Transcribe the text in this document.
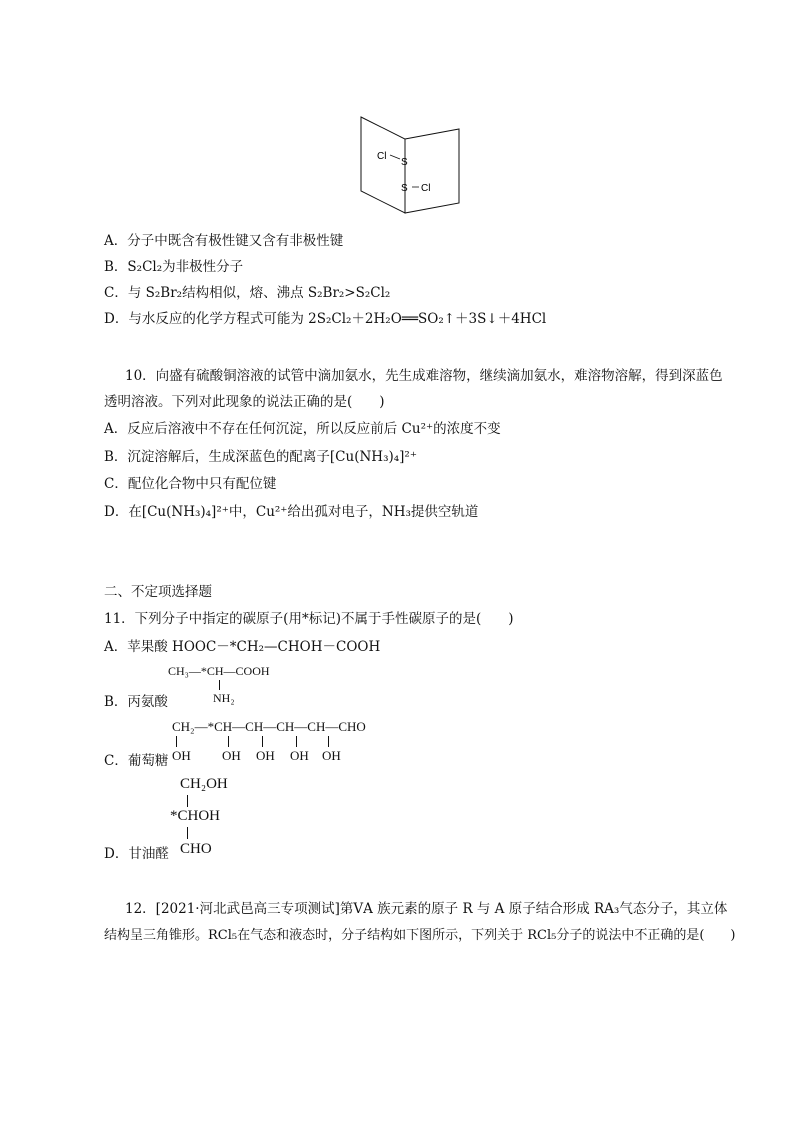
Cl
S
S Cl
A．分子中既含有极性键又含有非极性键
B．S₂Cl₂为非极性分子
C．与 S₂Br₂结构相似，熔、沸点 S₂Br₂>S₂Cl₂
D．与水反应的化学方程式可能为 2S₂Cl₂＋2H₂O══SO₂↑＋3S↓＋4HCl
10．向盛有硫酸铜溶液的试管中滴加氨水，先生成难溶物，继续滴加氨水，难溶物溶解，得到深蓝色
透明溶液。下列对此现象的说法正确的是(　　)
A．反应后溶液中不存在任何沉淀，所以反应前后 Cu²⁺的浓度不变
B．沉淀溶解后，生成深蓝色的配离子[Cu(NH₃)₄]²⁺
C．配位化合物中只有配位键
D．在[Cu(NH₃)₄]²⁺中，Cu²⁺给出孤对电子，NH₃提供空轨道
二、不定项选择题
11．下列分子中指定的碳原子(用*标记)不属于手性碳原子的是(　　)
A．苹果酸 HOOC－*CH₂—CHOH－COOH
CH₃—*CH—COOH
NH₂
B．丙氨酸
CH₂—*CH—CH—CH—CH—CHO
OH OH OH OH OH
C．葡萄糖
CH₂OH
*CHOH
CHO
D．甘油醛
12．[2021·河北武邑高三专项测试]第ⅤA 族元素的原子 R 与 A 原子结合形成 RA₃气态分子，其立体
结构呈三角锥形。RCl₅在气态和液态时，分子结构如下图所示，下列关于 RCl₅分子的说法中不正确的是(　　)
